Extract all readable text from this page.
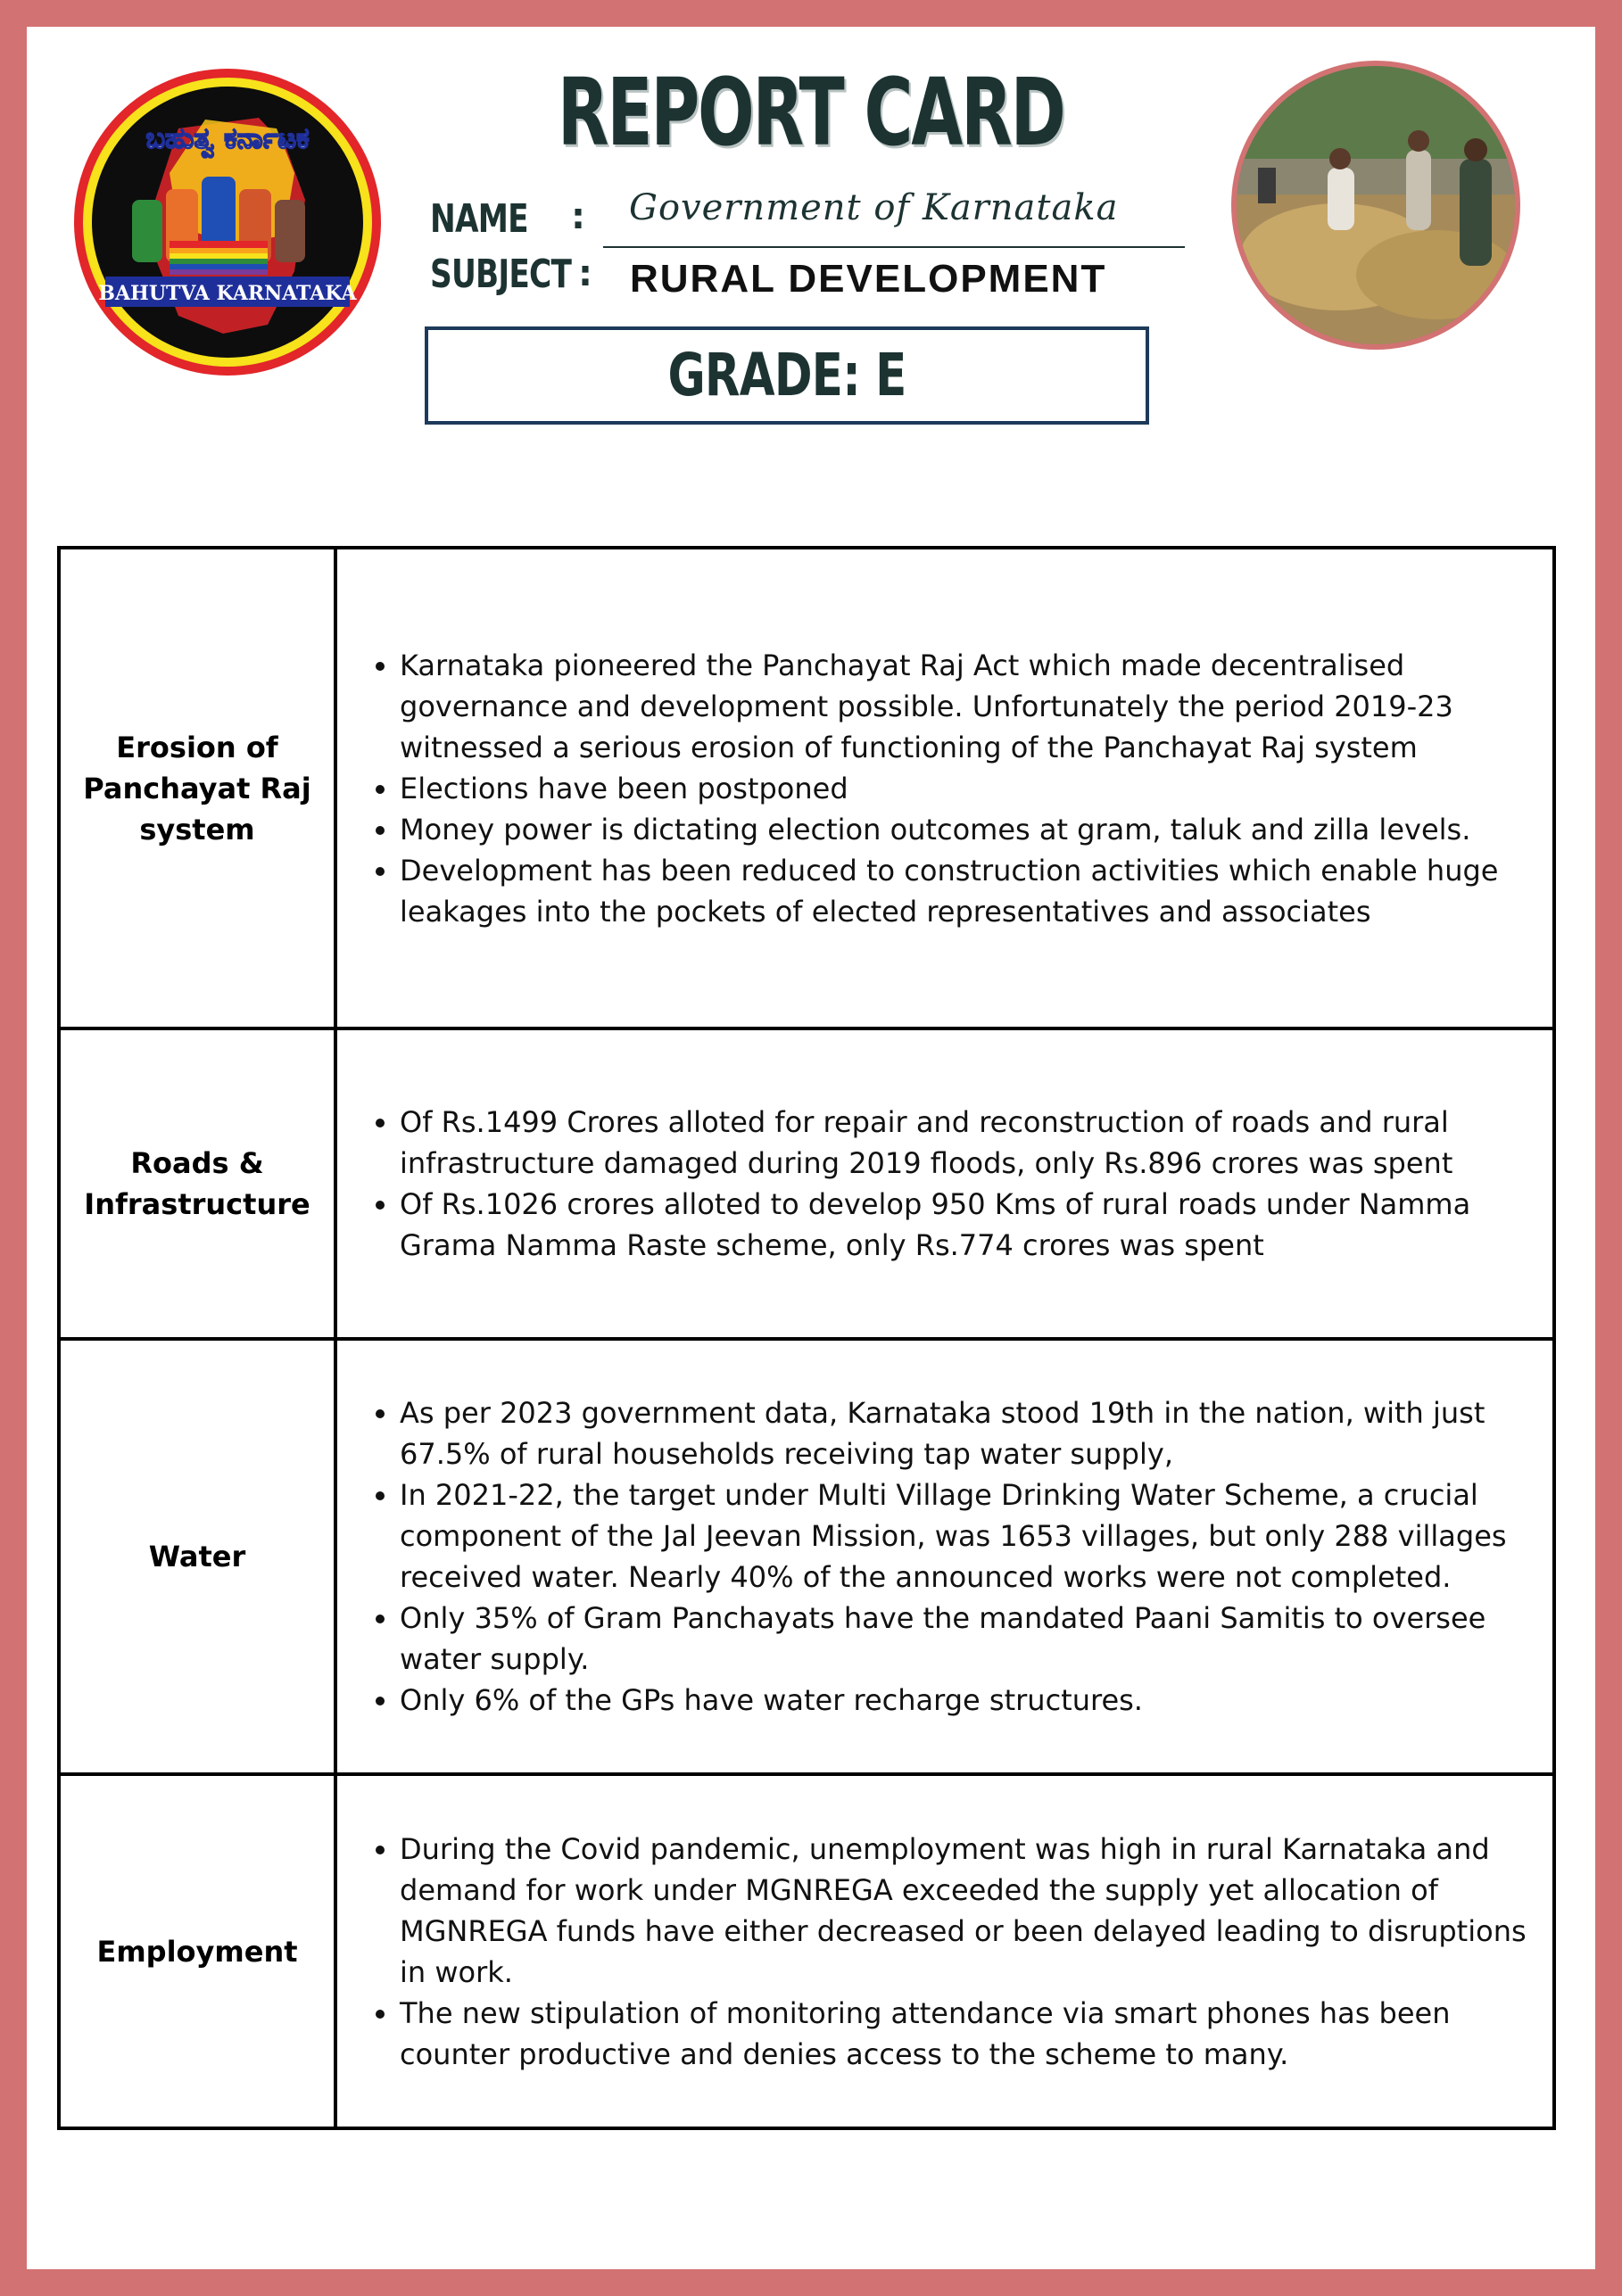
ಬಹುತ್ವ ಕರ್ನಾಟಕ
BAHUTVA KARNATAKA
REPORT CARD
NAME : Government of Karnataka
SUBJECT : RURAL DEVELOPMENT
GRADE: E
Erosion of Panchayat Raj system
• Karnataka pioneered the Panchayat Raj Act which made decentralised governance and development possible. Unfortunately the period 2019-23 witnessed a serious erosion of functioning of the Panchayat Raj system
• Elections have been postponed
• Money power is dictating election outcomes at gram, taluk and zilla levels.
• Development has been reduced to construction activities which enable huge leakages into the pockets of elected representatives and associates
Roads & Infrastructure
• Of Rs.1499 Crores alloted for repair and reconstruction of roads and rural infrastructure damaged during 2019 floods, only Rs.896 crores was spent
• Of Rs.1026 crores alloted to develop 950 Kms of rural roads under Namma Grama Namma Raste scheme, only Rs.774 crores was spent
Water
• As per 2023 government data, Karnataka stood 19th in the nation, with just 67.5% of rural households receiving tap water supply,
• In 2021-22, the target under Multi Village Drinking Water Scheme, a crucial component of the Jal Jeevan Mission, was 1653 villages, but only 288 villages received water. Nearly 40% of the announced works were not completed.
• Only 35% of Gram Panchayats have the mandated Paani Samitis to oversee water supply.
• Only 6% of the GPs have water recharge structures.
Employment
• During the Covid pandemic, unemployment was high in rural Karnataka and demand for work under MGNREGA exceeded the supply yet allocation of MGNREGA funds have either decreased or been delayed leading to disruptions in work.
• The new stipulation of monitoring attendance via smart phones has been counter productive and denies access to the scheme to many.
